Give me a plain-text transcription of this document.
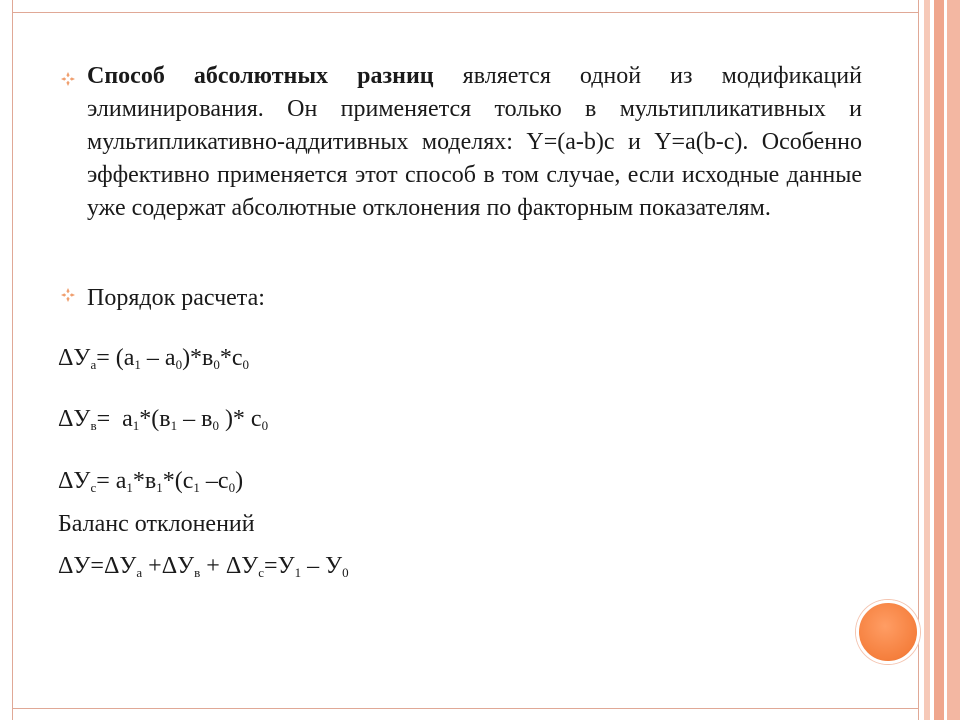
Способ абсолютных разниц является одной из модификаций элиминирования. Он применяется только в мультипликативных и мультипликативно-аддитивных моделях: Y=(a-b)c и Y=a(b-c). Особенно эффективно применяется этот способ в том случае, если исходные данные уже содержат абсолютные отклонения по факторным показателям.
Порядок расчета:
$\Delta У_а= (а_1 - а_0)*в_0*с_0$
$\Delta У_в= а_1*(в_1 - в_0$ )* $с_0$
$\Delta У_с= а_1*в_1*(с_1$ $-с_0$)
Баланс отклонений
$\Delta У=\Delta У_а +\Delta У_в + \Delta У_с=У_1 - У_0$
